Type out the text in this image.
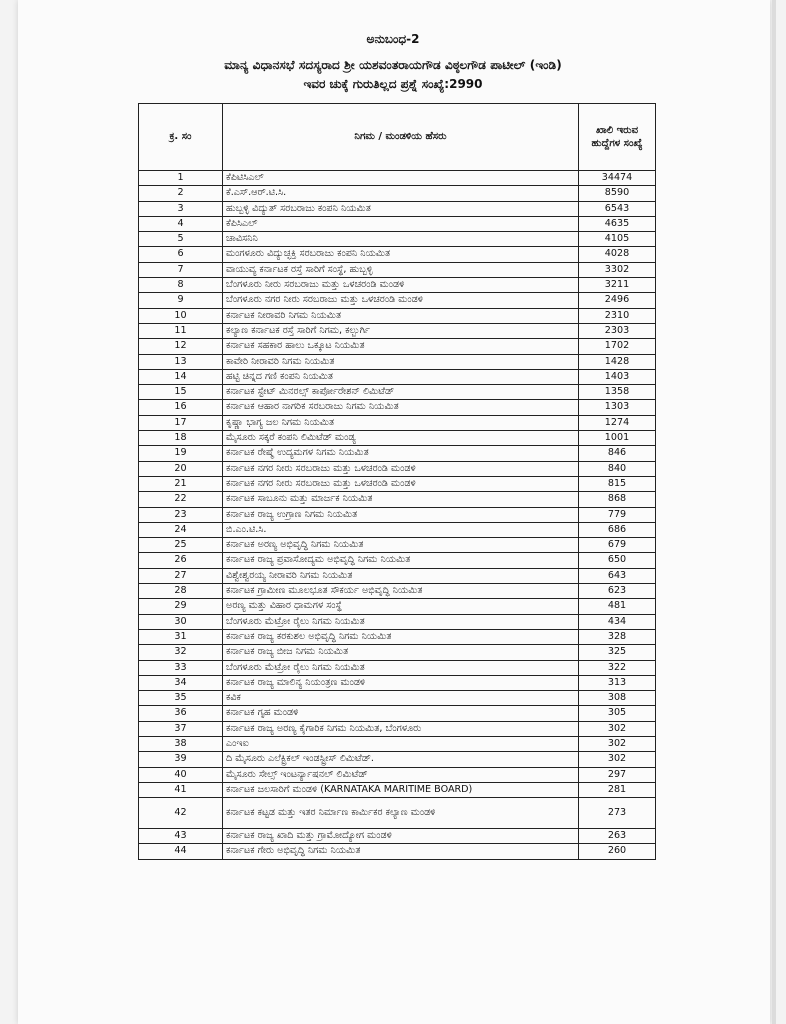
ಅನುಬಂಧ-2
ಮಾನ್ಯ ವಿಧಾನಸಭೆ ಸದಸ್ಯರಾದ ಶ್ರೀ ಯಶವಂತರಾಯಗೌಡ ವಿಠ್ಠಲಗೌಡ ಪಾಟೀಲ್ (ಇಂಡಿ)
ಇವರ ಚುಕ್ಕೆ ಗುರುತಿಲ್ಲದ ಪ್ರಶ್ನೆ ಸಂಖ್ಯೆ:2990
ಕ್ರ. ಸಂ	ನಿಗಮ / ಮಂಡಳಿಯ ಹೆಸರು	ಖಾಲಿ ಇರುವ ಹುದ್ದೆಗಳ ಸಂಖ್ಯೆ
1	ಕೆಪಿಟಿಸಿಎಲ್	34474
2	ಕೆ.ಎಸ್.ಆರ್.ಟಿ.ಸಿ.	8590
3	ಹುಬ್ಬಳ್ಳಿ ವಿದ್ಯುತ್ ಸರಬರಾಜು ಕಂಪನಿ ನಿಯಮಿತ	6543
4	ಕೆಪಿಸಿಎಲ್	4635
5	ಚಾವಿಸನಿನಿ	4105
6	ಮಂಗಳೂರು ವಿದ್ಯುಚ್ಛಕ್ತಿ ಸರಬರಾಜು ಕಂಪನಿ ನಿಯಮಿತ	4028
7	ವಾಯುವ್ಯ ಕರ್ನಾಟಕ ರಸ್ತೆ ಸಾರಿಗೆ ಸಂಸ್ಥೆ, ಹುಬ್ಬಳ್ಳಿ	3302
8	ಬೆಂಗಳೂರು ನೀರು ಸರಬರಾಜು ಮತ್ತು ಒಳಚರಂಡಿ ಮಂಡಳಿ	3211
9	ಬೆಂಗಳೂರು ನಗರ ನೀರು ಸರಬರಾಜು ಮತ್ತು ಒಳಚರಂಡಿ ಮಂಡಳಿ	2496
10	ಕರ್ನಾಟಕ ನೀರಾವರಿ ನಿಗಮ ನಿಯಮಿತ	2310
11	ಕಲ್ಯಾಣ ಕರ್ನಾಟಕ ರಸ್ತೆ ಸಾರಿಗೆ ನಿಗಮ, ಕಲ್ಬುರ್ಗಿ	2303
12	ಕರ್ನಾಟಕ ಸಹಕಾರ ಹಾಲು ಒಕ್ಕೂಟ ನಿಯಮಿತ	1702
13	ಕಾವೇರಿ ನೀರಾವರಿ ನಿಗಮ ನಿಯಮಿತ	1428
14	ಹಟ್ಟಿ ಚಿನ್ನದ ಗಣಿ ಕಂಪನಿ ನಿಯಮಿತ	1403
15	ಕರ್ನಾಟಕ ಸ್ಟೇಟ್ ಮಿನರಲ್ಸ್ ಕಾರ್ಪೋರೇಶನ್ ಲಿಮಿಟೆಡ್	1358
16	ಕರ್ನಾಟಕ ಆಹಾರ ನಾಗರಿಕ ಸರಬರಾಜು ನಿಗಮ ನಿಯಮಿತ	1303
17	ಕೃಷ್ಣಾ ಭಾಗ್ಯ ಜಲ ನಿಗಮ ನಿಯಮಿತ	1274
18	ಮೈಸೂರು ಸಕ್ಕರೆ ಕಂಪನಿ ಲಿಮಿಟೆಡ್ ಮಂಡ್ಯ	1001
19	ಕರ್ನಾಟಕ ರೇಷ್ಮೆ ಉದ್ಯಮಗಳ ನಿಗಮ ನಿಯಮಿತ	846
20	ಕರ್ನಾಟಕ ನಗರ ನೀರು ಸರಬರಾಜು ಮತ್ತು ಒಳಚರಂಡಿ ಮಂಡಳಿ	840
21	ಕರ್ನಾಟಕ ನಗರ ನೀರು ಸರಬರಾಜು ಮತ್ತು ಒಳಚರಂಡಿ ಮಂಡಳಿ	815
22	ಕರ್ನಾಟಕ ಸಾಬೂನು ಮತ್ತು ಮಾರ್ಜಕ ನಿಯಮಿತ	868
23	ಕರ್ನಾಟಕ ರಾಜ್ಯ ಉಗ್ರಾಣ ನಿಗಮ ನಿಯಮಿತ	779
24	ಬಿ.ಎಂ.ಟಿ.ಸಿ.	686
25	ಕರ್ನಾಟಕ ಅರಣ್ಯ ಅಭಿವೃದ್ಧಿ ನಿಗಮ ನಿಯಮಿತ	679
26	ಕರ್ನಾಟಕ ರಾಜ್ಯ ಪ್ರವಾಸೋದ್ಯಮ ಅಭಿವೃದ್ಧಿ ನಿಗಮ ನಿಯಮಿತ	650
27	ವಿಶ್ವೇಶ್ವರಯ್ಯ ನೀರಾವರಿ ನಿಗಮ ನಿಯಮಿತ	643
28	ಕರ್ನಾಟಕ ಗ್ರಾಮೀಣ ಮೂಲಭೂತ ಸೌಕರ್ಯ ಅಭಿವೃದ್ಧಿ ನಿಯಮಿತ	623
29	ಅರಣ್ಯ ಮತ್ತು ವಿಹಾರ ಧಾಮಗಳ ಸಂಸ್ಥೆ	481
30	ಬೆಂಗಳೂರು ಮೆಟ್ರೋ ರೈಲು ನಿಗಮ ನಿಯಮಿತ	434
31	ಕರ್ನಾಟಕ ರಾಜ್ಯ ಕರಕುಶಲ ಅಭಿವೃದ್ಧಿ ನಿಗಮ ನಿಯಮಿತ	328
32	ಕರ್ನಾಟಕ ರಾಜ್ಯ ಬೀಜ ನಿಗಮ ನಿಯಮಿತ	325
33	ಬೆಂಗಳೂರು ಮೆಟ್ರೋ ರೈಲು ನಿಗಮ ನಿಯಮಿತ	322
34	ಕರ್ನಾಟಕ ರಾಜ್ಯ ಮಾಲಿನ್ಯ ನಿಯಂತ್ರಣ ಮಂಡಳಿ	313
35	ಕವಿಕ	308
36	ಕರ್ನಾಟಕ ಗೃಹ ಮಂಡಳಿ	305
37	ಕರ್ನಾಟಕ ರಾಜ್ಯ ಅರಣ್ಯ ಕೈಗಾರಿಕ ನಿಗಮ ನಿಯಮಿತ, ಬೆಂಗಳೂರು	302
38	ಎಂಇಐ	302
39	ದಿ ಮೈಸೂರು ಎಲೆಕ್ಟ್ರಿಕಲ್ ಇಂಡಸ್ಟ್ರೀಸ್ ಲಿಮಿಟೆಡ್.	302
40	ಮೈಸೂರು ಸೇಲ್ಸ್ ಇಂಟರ್ನ್ಯಾಷನಲ್ ಲಿಮಿಟೆಡ್	297
41	ಕರ್ನಾಟಕ ಜಲಸಾರಿಗೆ ಮಂಡಳಿ (KARNATAKA MARITIME BOARD)	281
42	ಕರ್ನಾಟಕ ಕಟ್ಟಡ ಮತ್ತು ಇತರ ನಿರ್ಮಾಣ ಕಾರ್ಮಿಕರ ಕಲ್ಯಾಣ ಮಂಡಳಿ	273
43	ಕರ್ನಾಟಕ ರಾಜ್ಯ ಖಾದಿ ಮತ್ತು ಗ್ರಾಮೋದ್ಯೋಗ ಮಂಡಳಿ	263
44	ಕರ್ನಾಟಕ ಗೇರು ಅಭಿವೃದ್ಧಿ ನಿಗಮ ನಿಯಮಿತ	260
